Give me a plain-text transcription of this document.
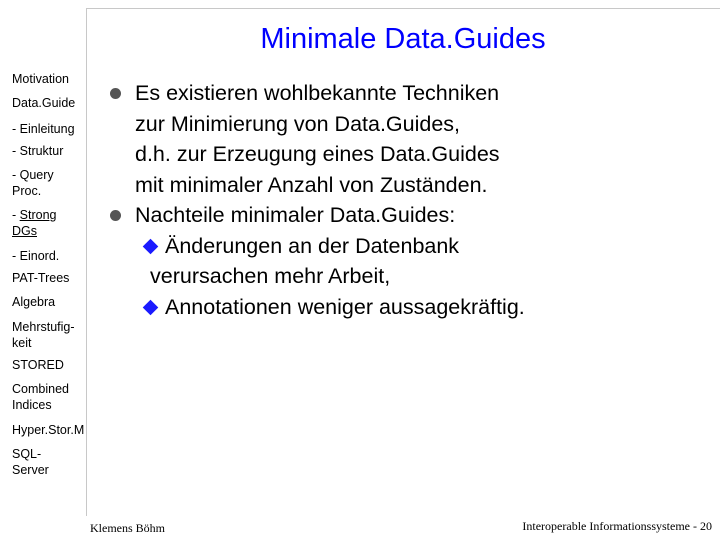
Minimale Data.Guides
Motivation
Data.Guide
- Einleitung
- Struktur
- Query
Proc.
- Strong
DGs
- Einord.
PAT-Trees
Algebra
Mehrstufig-
keit
STORED
Combined
Indices
Hyper.Stor.M
SQL-
Server
Es existieren wohlbekannte Techniken
zur Minimierung von Data.Guides,
d.h. zur Erzeugung eines Data.Guides
mit minimaler Anzahl von Zuständen.
Nachteile minimaler Data.Guides:
Änderungen an der Datenbank
verursachen mehr Arbeit,
Annotationen weniger aussagekräftig.
Klemens Böhm	Interoperable Informationssysteme - 20
